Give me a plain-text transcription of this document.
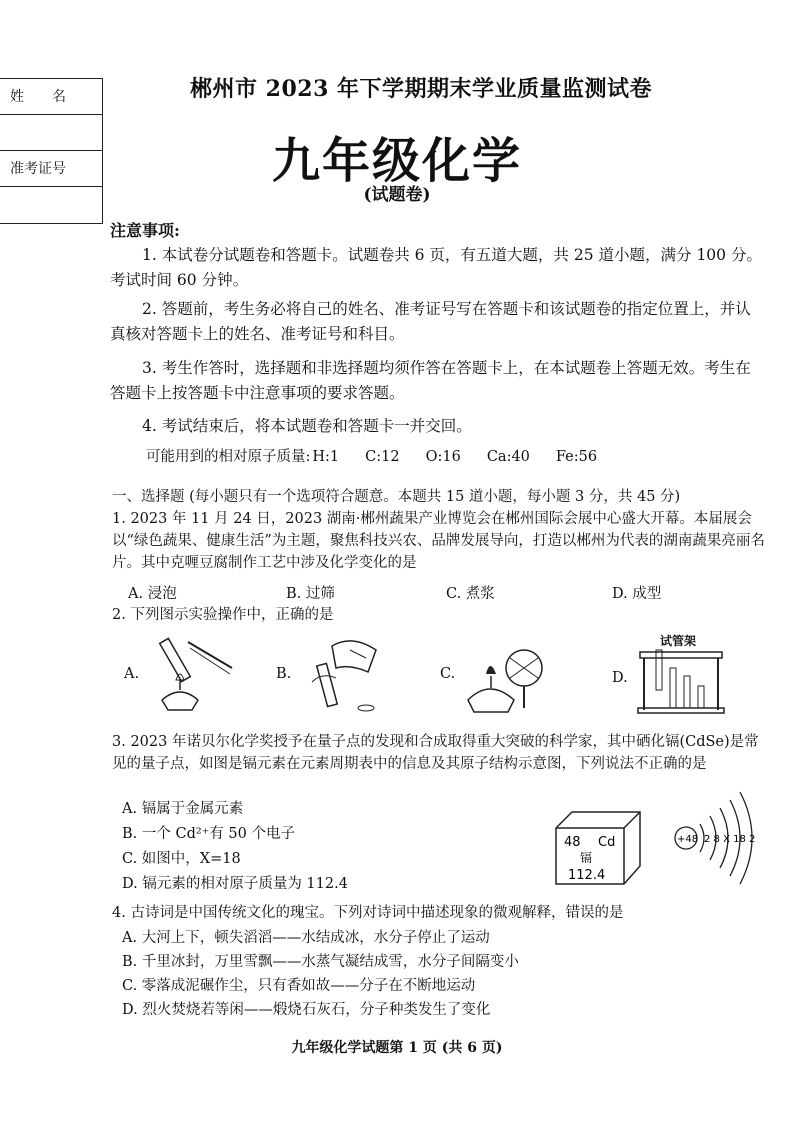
姓　　名
准考证号
郴州市 2023 年下学期期末学业质量监测试卷
九年级化学
(试题卷)
注意事项:
1. 本试卷分试题卷和答题卡。试题卷共 6 页，有五道大题，共 25 道小题，满分 100 分。考试时间 60 分钟。
2. 答题前，考生务必将自己的姓名、准考证号写在答题卡和该试题卷的指定位置上，并认真核对答题卡上的姓名、准考证号和科目。
3. 考生作答时，选择题和非选择题均须作答在答题卡上，在本试题卷上答题无效。考生在答题卡上按答题卡中注意事项的要求答题。
4. 考试结束后，将本试题卷和答题卡一并交回。
可能用到的相对原子质量: H:1 C:12 O:16 Ca:40 Fe:56
一、选择题 (每小题只有一个选项符合题意。本题共 15 道小题，每小题 3 分，共 45 分)
1. 2023 年 11 月 24 日，2023 湖南·郴州蔬果产业博览会在郴州国际会展中心盛大开幕。本届展会以“绿色蔬果、健康生活”为主题，聚焦科技兴农、品牌发展导向，打造以郴州为代表的湖南蔬果亮丽名片。其中克喱豆腐制作工艺中涉及化学变化的是
A. 浸泡	B. 过筛	C. 煮浆	D. 成型
2. 下列图示实验操作中，正确的是
A.	B.	C.	D.
试管架
3. 2023 年诺贝尔化学奖授予在量子点的发现和合成取得重大突破的科学家，其中硒化镉(CdSe)是常见的量子点，如图是镉元素在元素周期表中的信息及其原子结构示意图，下列说法不正确的是
A. 镉属于金属元素
B. 一个 Cd²⁺有 50 个电子
C. 如图中，X=18
D. 镉元素的相对原子质量为 112.4
48 Cd
镉
112.4
+48 2 8 X 18 2
4. 古诗词是中国传统文化的瑰宝。下列对诗词中描述现象的微观解释，错误的是
A. 大河上下，顿失滔滔——水结成冰，水分子停止了运动
B. 千里冰封，万里雪飘——水蒸气凝结成雪，水分子间隔变小
C. 零落成泥碾作尘，只有香如故——分子在不断地运动
D. 烈火焚烧若等闲——煅烧石灰石，分子种类发生了变化
九年级化学试题第 1 页 (共 6 页)
